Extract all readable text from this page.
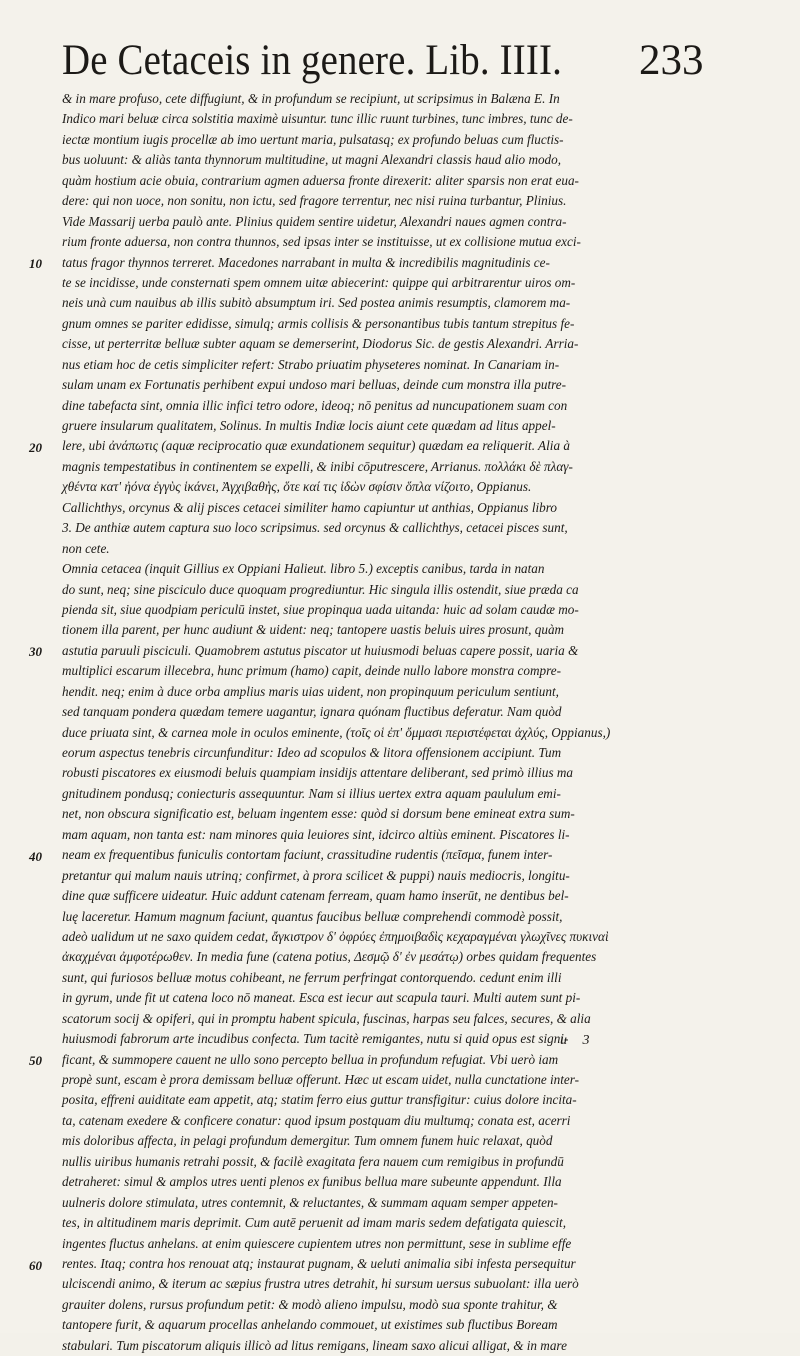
De Cetaceis in genere. Lib. IIII. 233
10
20
30
40
50
60
& in mare profuso, cete diffugiunt, & in profundum se recipiunt, ut scripsimus in Balæna E. In
Indico mari beluæ circa solstitia maximè uisuntur. tunc illic ruunt turbines, tunc imbres, tunc de-
iectæ montium iugis procellæ ab imo uertunt maria, pulsatasq; ex profundo beluas cum fluctis-
bus uoluunt: & aliàs tanta thynnorum multitudine, ut magni Alexandri classis haud alio modo,
quàm hostium acie obuia, contrarium agmen aduersa fronte direxerit: aliter sparsis non erat eua-
dere: qui non uoce, non sonitu, non ictu, sed fragore terrentur, nec nisi ruina turbantur, Plinius.
Vide Massarij uerba paulò ante. Plinius quidem sentire uidetur, Alexandri naues agmen contra-
rium fronte aduersa, non contra thunnos, sed ipsas inter se instituisse, ut ex collisione mutua exci-
tatus fragor thynnos terreret. Macedones narrabant in multa & incredibilis magnitudinis ce-
te se incidisse, unde consternati spem omnem uitæ abiecerint: quippe qui arbitrarentur uiros om-
neis unà cum nauibus ab illis subitò absumptum iri. Sed postea animis resumptis, clamorem ma-
gnum omnes se pariter edidisse, simulq; armis collisis & personantibus tubis tantum strepitus fe-
cisse, ut perterritæ belluæ subter aquam se demerserint, Diodorus Sic. de gestis Alexandri. Arria-
nus etiam hoc de cetis simpliciter refert: Strabo priuatim physeteres nominat. In Canariam in-
sulam unam ex Fortunatis perhibent expui undoso mari belluas, deinde cum monstra illa putre-
dine tabefacta sint, omnia illic infici tetro odore, ideoq; nō penitus ad nuncupationem suam con
gruere insularum qualitatem, Solinus. In multis Indiæ locis aiunt cete quædam ad litus appel-
lere, ubi ἀνάπωτις (aquæ reciprocatio quæ exundationem sequitur) quædam ea reliquerit. Alia à
magnis tempestatibus in continentem se expelli, & inibi cōputrescere, Arrianus. πολλάκι δὲ πλαγ-
χθέντα κατ' ἠόνα ἐγγὺς ἱκάνει, Ἀγχιβαθὴς, ὅτε καί τις ἰδὼν σφίσιν ὅπλα νίζοιτο, Oppianus.
Callichthys, orcynus & alij pisces cetacei similiter hamo capiuntur ut anthias, Oppianus libro
3. De anthiæ autem captura suo loco scripsimus. sed orcynus & callichthys, cetacei pisces sunt,
non cete.
Omnia cetacea (inquit Gillius ex Oppiani Halieut. libro 5.) exceptis canibus, tarda in natan
do sunt, neq; sine pisciculo duce quoquam progrediuntur. Hic singula illis ostendit, siue præda ca
pienda sit, siue quodpiam periculū instet, siue propinqua uada uitanda: huic ad solam caudæ mo-
tionem illa parent, per hunc audiunt & uident: neq; tantopere uastis beluis uires prosunt, quàm
astutia paruuli pisciculi. Quamobrem astutus piscator ut huiusmodi beluas capere possit, uaria &
multiplici escarum illecebra, hunc primum (hamo) capit, deinde nullo labore monstra compre-
hendit. neq; enim à duce orba amplius maris uias uident, non propinquum periculum sentiunt,
sed tanquam pondera quædam temere uagantur, ignara quónam fluctibus deferatur. Nam quòd
duce priuata sint, & carnea mole in oculos eminente, (τοῖς οἱ ἐπ' ὄμμασι περιστέφεται ἀχλύς, Oppianus,)
eorum aspectus tenebris circunfunditur: Ideo ad scopulos & litora offensionem accipiunt. Tum
robusti piscatores ex eiusmodi beluis quampiam insidijs attentare deliberant, sed primò illius ma
gnitudinem pondusq; coniecturis assequuntur. Nam si illius uertex extra aquam paululum emi-
net, non obscura significatio est, beluam ingentem esse: quòd si dorsum bene emineat extra sum-
mam aquam, non tanta est: nam minores quia leuiores sint, idcirco altiùs eminent. Piscatores li-
neam ex frequentibus funiculis contortam faciunt, crassitudine rudentis (πεῖσμα, funem inter-
pretantur qui malum nauis utrinq; confirmet, à prora scilicet & puppi) nauis mediocris, longitu-
dine quæ sufficere uideatur. Huic addunt catenam ferream, quam hamo inserūt, ne dentibus bel-
luę laceretur. Hamum magnum faciunt, quantus faucibus belluæ comprehendi commodè possit,
adeò ualidum ut ne saxo quidem cedat, ἄγκιστρον δ' ὀφρύες ἐπημοιβαδὶς κεχαραγμέναι γλωχῖνες πυκιναὶ
ἀκαχμέναι ἀμφοτέρωθεν. In media fune (catena potius, Δεσμῷ δ' ἐν μεσάτῳ) orbes quidam frequentes
sunt, qui furiosos belluæ motus cohibeant, ne ferrum perfringat contorquendo. cedunt enim illi
in gyrum, unde fit ut catena loco nō maneat. Esca est iecur aut scapula tauri. Multi autem sunt pi-
scatorum socij & opiferi, qui in promptu habent spicula, fuscinas, harpas seu falces, secures, & alia
huiusmodi fabrorum arte incudibus confecta. Tum tacitè remigantes, nutu si quid opus est signi-
ficant, & summopere cauent ne ullo sono percepto bellua in profundum refugiat. Vbi uerò iam
propè sunt, escam è prora demissam belluæ offerunt. Hæc ut escam uidet, nulla cunctatione inter-
posita, effreni auiditate eam appetit, atq; statim ferro eius guttur transfigitur: cuius dolore incita-
ta, catenam exedere & conficere conatur: quod ipsum postquam diu multumq; conata est, acerri
mis doloribus affecta, in pelagi profundum demergitur. Tum omnem funem huic relaxat, quòd
nullis uiribus humanis retrahi possit, & facilè exagitata fera nauem cum remigibus in profundū
detraheret: simul & amplos utres uenti plenos ex funibus bellua mare subeunte appendunt. Illa
uulneris dolore stimulata, utres contemnit, & reluctantes, & summam aquam semper appeten-
tes, in altitudinem maris deprimit. Cum autē peruenit ad imam maris sedem defatigata quiescit,
ingentes fluctus anhelans. at enim quiescere cupientem utres non permittunt, sese in sublime effe
rentes. Itaq; contra hos renouat atq; instaurat pugnam, & ueluti animalia sibi infesta persequitur
ulciscendi animo, & iterum ac sæpius frustra utres detrahit, hi sursum uersus subuolant: illa uerò
grauiter dolens, rursus profundum petit: & modò alieno impulsu, modò sua sponte trahitur, &
tantopere furit, & aquarum procellas anhelando commouet, ut existimes sub fluctibus Boream
stabulari. Tum piscatorum aliquis illicò ad litus remigans, lineam saxo alicui alligat, & in mare
u 3
